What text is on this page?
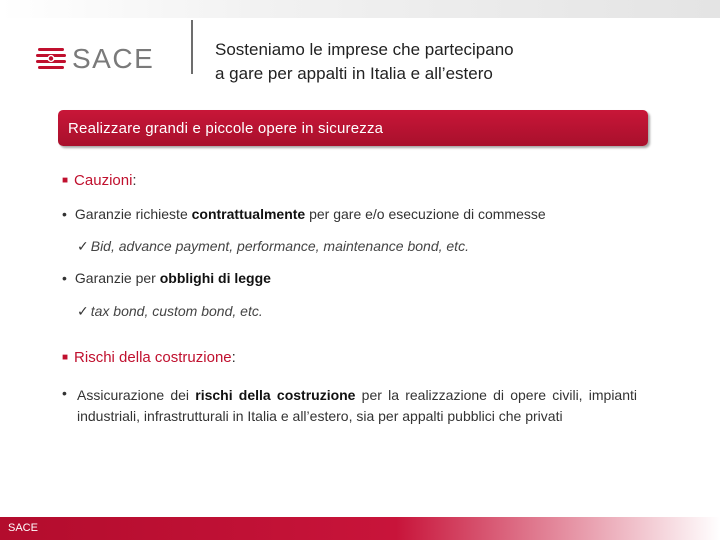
SACE	Sosteniamo le imprese che partecipano
a gare per appalti in Italia e all’estero
Realizzare grandi e piccole opere in sicurezza
■ Cauzioni:
• Garanzie richieste contrattualmente per gare e/o esecuzione di commesse
✓ Bid, advance payment, performance, maintenance bond, etc.
• Garanzie per obblighi di legge
✓ tax bond, custom bond, etc.
■ Rischi della costruzione:
• Assicurazione dei rischi della costruzione per la realizzazione di opere civili, impianti industriali, infrastrutturali in Italia e all’estero, sia per appalti pubblici che privati
SACE
